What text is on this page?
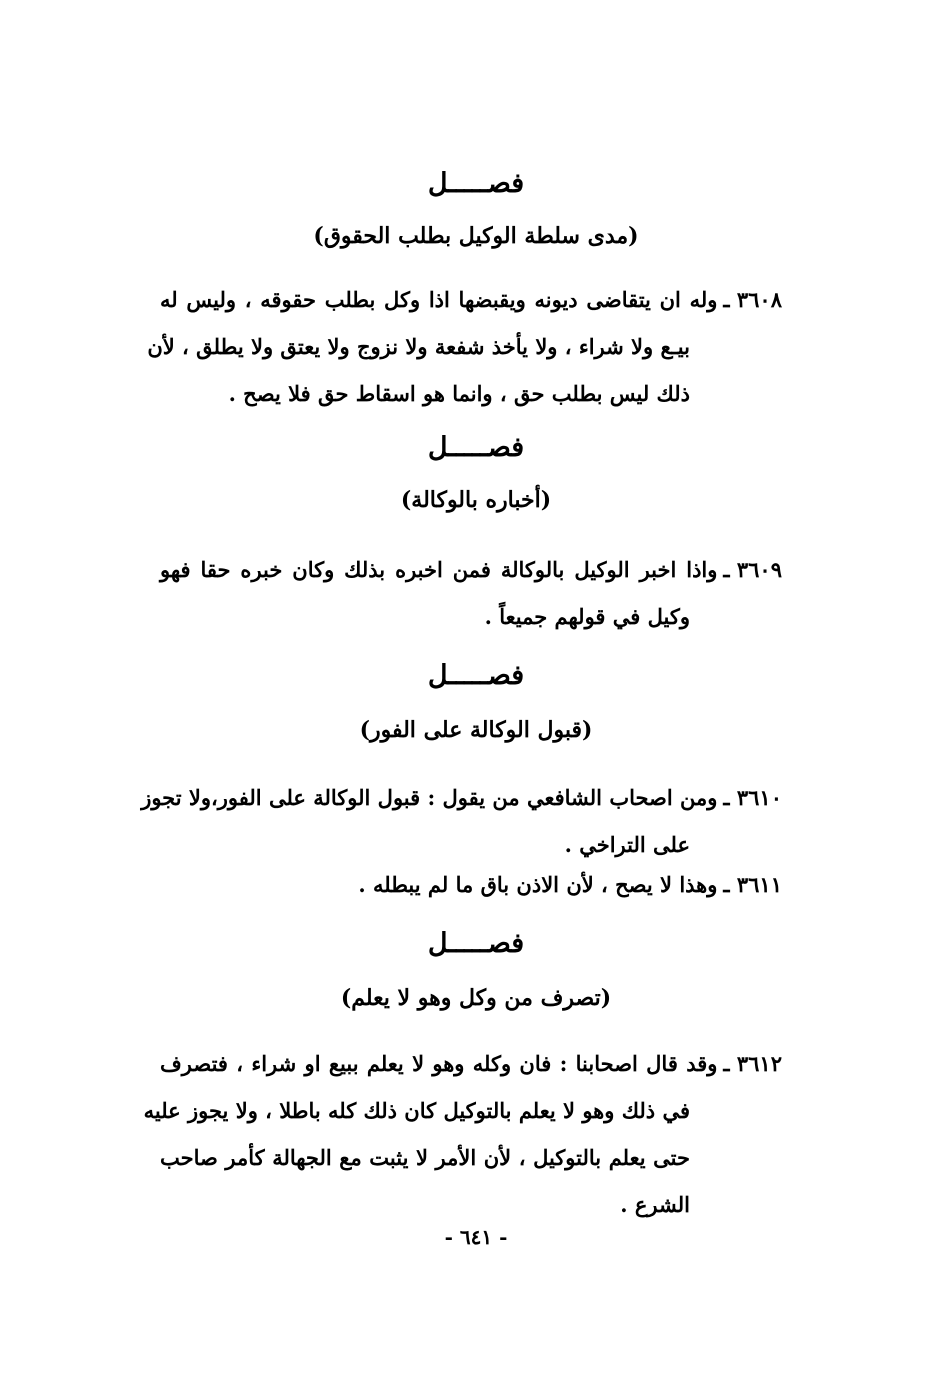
فصـــــل
(مدى سلطة الوكيل بطلب الحقوق)
٣٦٠٨ ـوله ان يتقاضى ديونه ويقبضها اذا وكل بطلب حقوقه ، وليس له
بيـع ولا شراء ، ولا يأخذ شفعة ولا نزوج ولا يعتق ولا يطلق ، لأن
ذلك ليس بطلب حق ، وانما هو اسقاط حق فلا يصح .
فصـــــل
(أخباره بالوكالة)
٣٦٠٩ ـواذا اخبر الوكيل بالوكالة فمن اخبره بذلك وكان خبره حقا فهو
وكيل في قولهم جميعاً .
فصـــــل
(قبول الوكالة على الفور)
٣٦١٠ ـومن اصحاب الشافعي من يقول : قبول الوكالة على الفور،ولا تجوز
على التراخي .
٣٦١١ ـوهذا لا يصح ، لأن الاذن باق ما لم يبطله .
فصـــــل
(تصرف من وكل وهو لا يعلم)
٣٦١٢ ـوقد قال اصحابنا : فان وكله وهو لا يعلم ببيع او شراء ، فتصرف
في ذلك وهو لا يعلم بالتوكيل كان ذلك كله باطلا ، ولا يجوز عليه
حتى يعلم بالتوكيل ، لأن الأمر لا يثبت مع الجهالة كأمر صاحب
الشرع .
- ٦٤١ -
